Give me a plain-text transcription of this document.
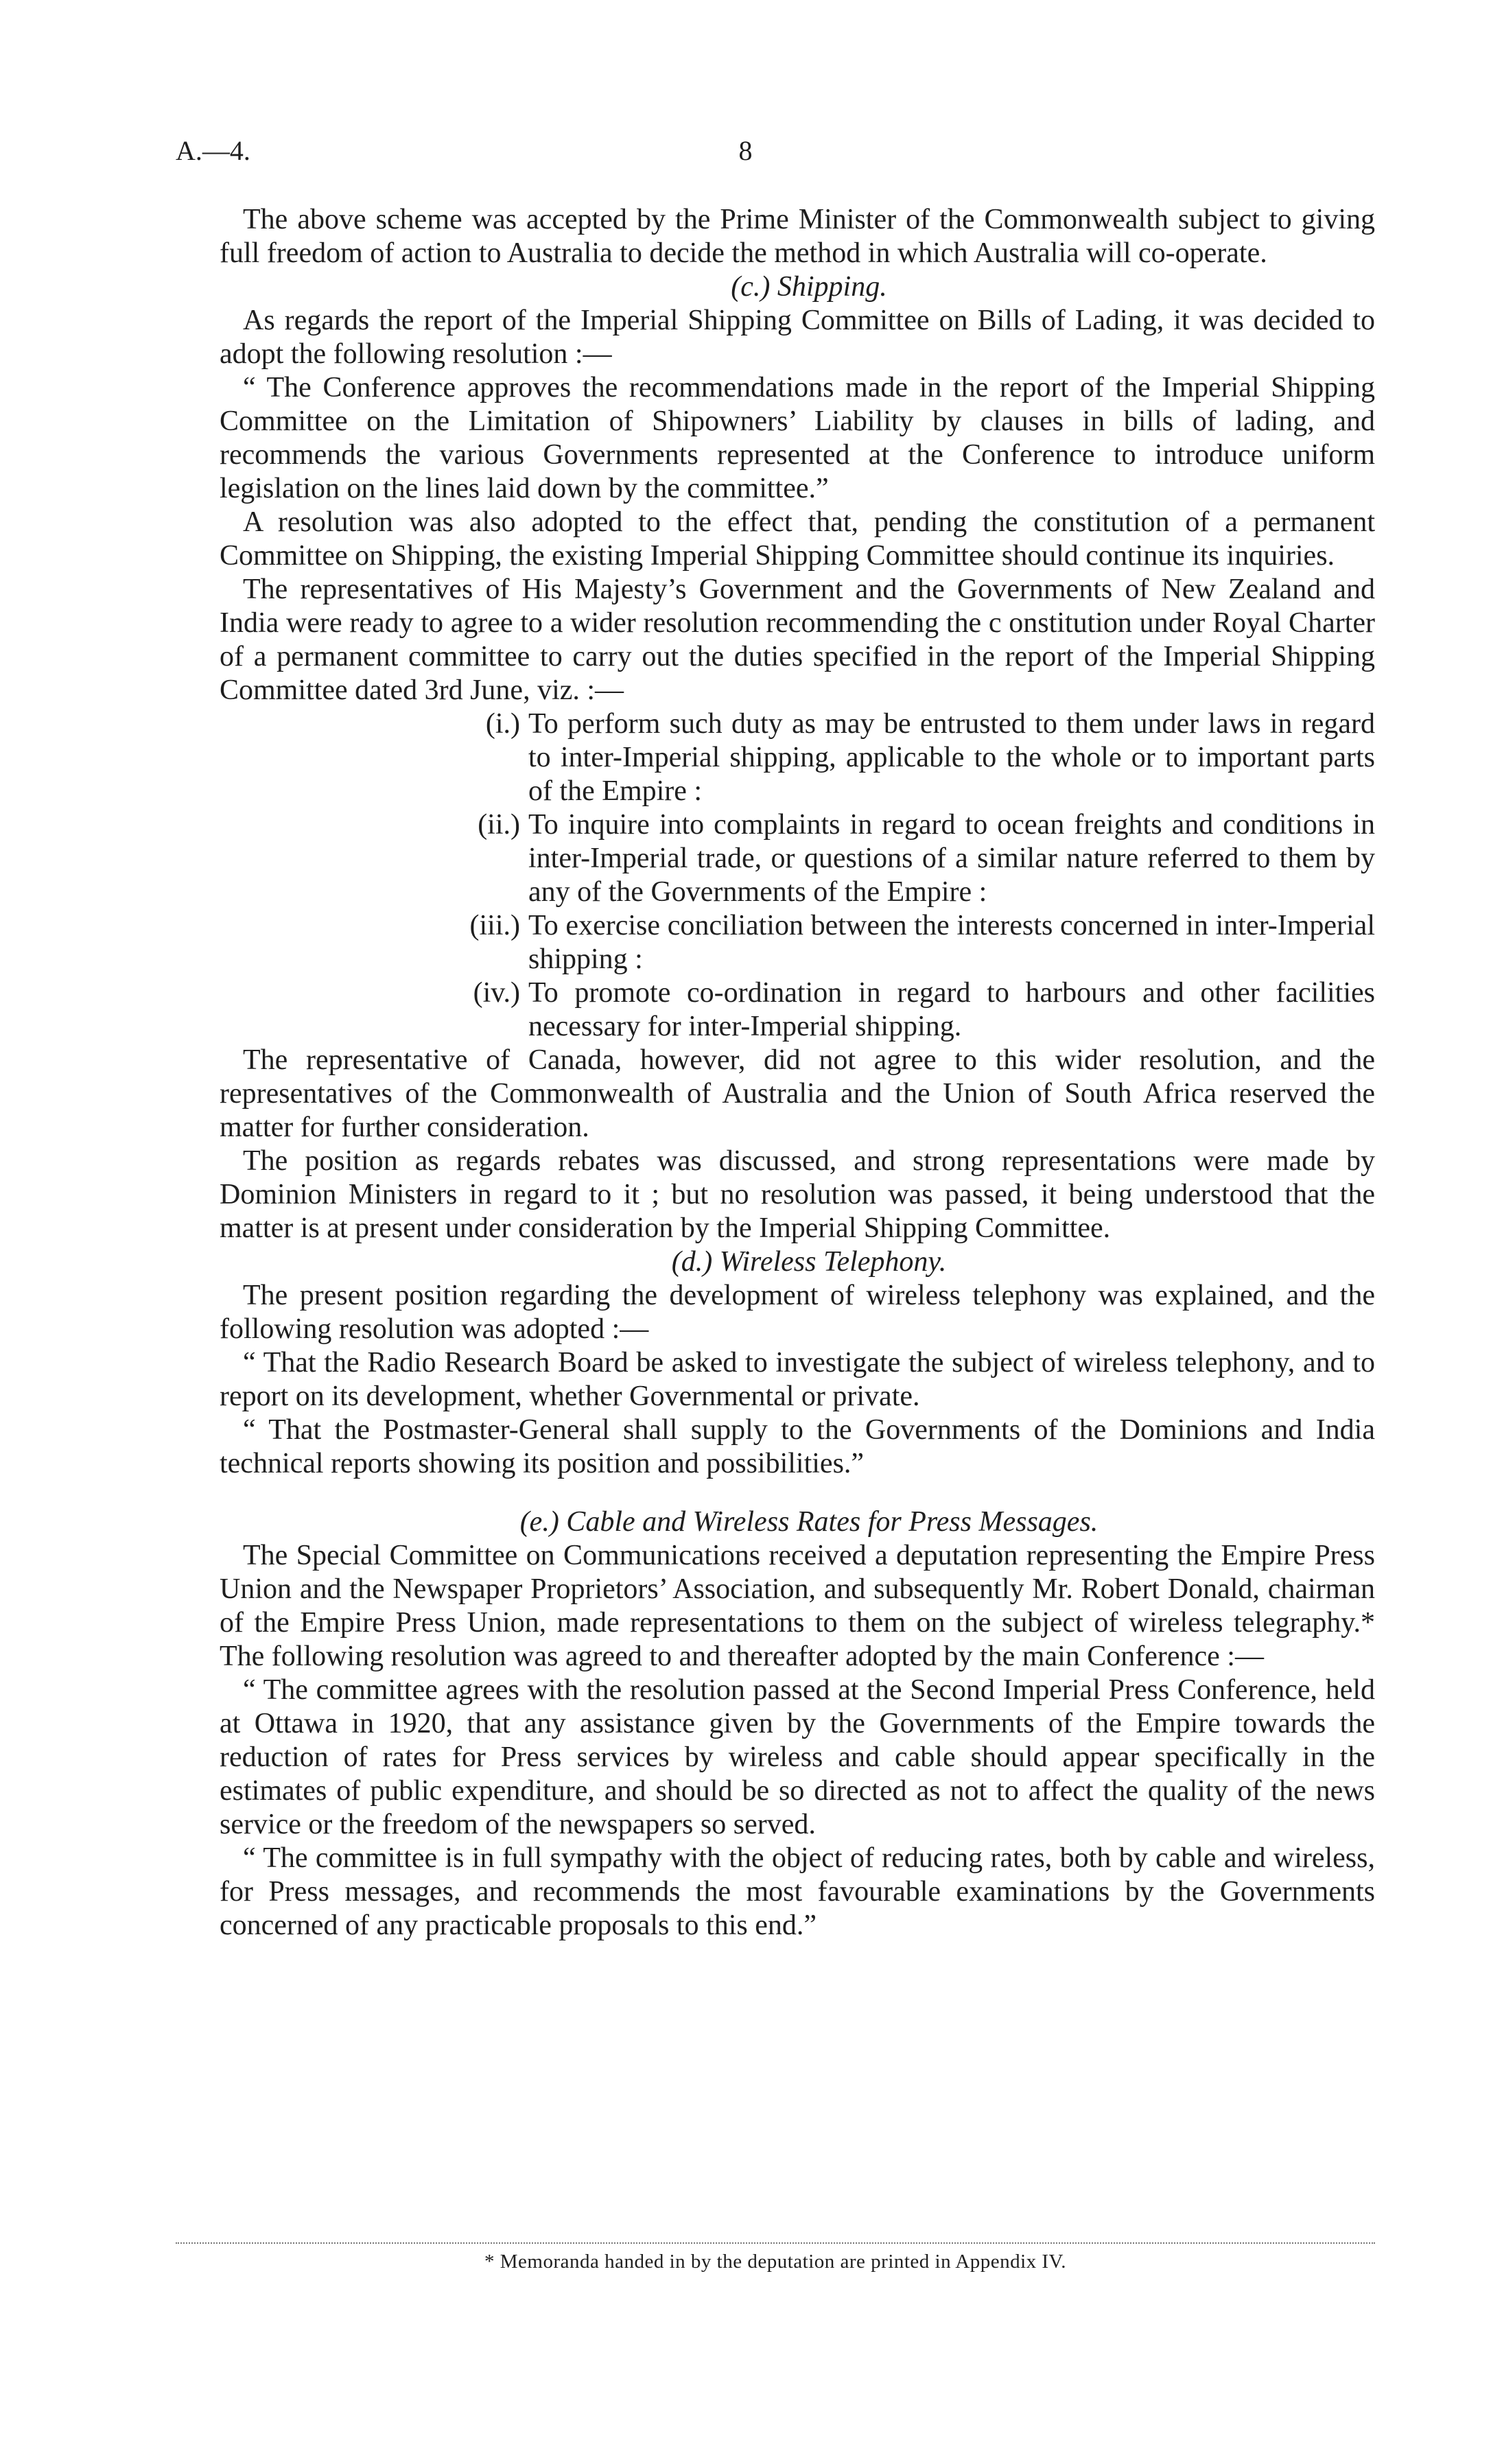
A.—4.	8

The above scheme was accepted by the Prime Minister of the Commonwealth subject to giving full freedom of action to Australia to decide the method in which Australia will co-operate.

(c.) Shipping.

As regards the report of the Imperial Shipping Committee on Bills of Lading, it was decided to adopt the following resolution :—

“ The Conference approves the recommendations made in the report of the Imperial Shipping Committee on the Limitation of Shipowners’ Liability by clauses in bills of lading, and recommends the various Governments represented at the Conference to introduce uniform legislation on the lines laid down by the committee.”

A resolution was also adopted to the effect that, pending the constitution of a permanent Committee on Shipping, the existing Imperial Shipping Committee should continue its inquiries.

The representatives of His Majesty’s Government and the Governments of New Zealand and India were ready to agree to a wider resolution recommending the c onstitution under Royal Charter of a permanent committee to carry out the duties specified in the report of the Imperial Shipping Committee dated 3rd June, viz. :—

(i.) To perform such duty as may be entrusted to them under laws in regard to inter-Imperial shipping, applicable to the whole or to important parts of the Empire :
(ii.) To inquire into complaints in regard to ocean freights and conditions in inter-Imperial trade, or questions of a similar nature referred to them by any of the Governments of the Empire :
(iii.) To exercise conciliation between the interests concerned in inter-Imperial shipping :
(iv.) To promote co-ordination in regard to harbours and other facilities necessary for inter-Imperial shipping.

The representative of Canada, however, did not agree to this wider resolution, and the representatives of the Commonwealth of Australia and the Union of South Africa reserved the matter for further consideration.

The position as regards rebates was discussed, and strong representations were made by Dominion Ministers in regard to it ; but no resolution was passed, it being understood that the matter is at present under consideration by the Imperial Shipping Committee.

(d.) Wireless Telephony.

The present position regarding the development of wireless telephony was explained, and the following resolution was adopted :—

“ That the Radio Research Board be asked to investigate the subject of wireless telephony, and to report on its development, whether Governmental or private.

“ That the Postmaster-General shall supply to the Governments of the Dominions and India technical reports showing its position and possibilities.”

(e.) Cable and Wireless Rates for Press Messages.

The Special Committee on Communications received a deputation representing the Empire Press Union and the Newspaper Proprietors’ Association, and subsequently Mr. Robert Donald, chairman of the Empire Press Union, made representations to them on the subject of wireless telegraphy.* The following resolution was agreed to and thereafter adopted by the main Conference :—

“ The committee agrees with the resolution passed at the Second Imperial Press Conference, held at Ottawa in 1920, that any assistance given by the Governments of the Empire towards the reduction of rates for Press services by wireless and cable should appear specifically in the estimates of public expenditure, and should be so directed as not to affect the quality of the news service or the freedom of the newspapers so served.

“ The committee is in full sympathy with the object of reducing rates, both by cable and wireless, for Press messages, and recommends the most favourable examinations by the Governments concerned of any practicable proposals to this end.”

* Memoranda handed in by the deputation are printed in Appendix IV.
